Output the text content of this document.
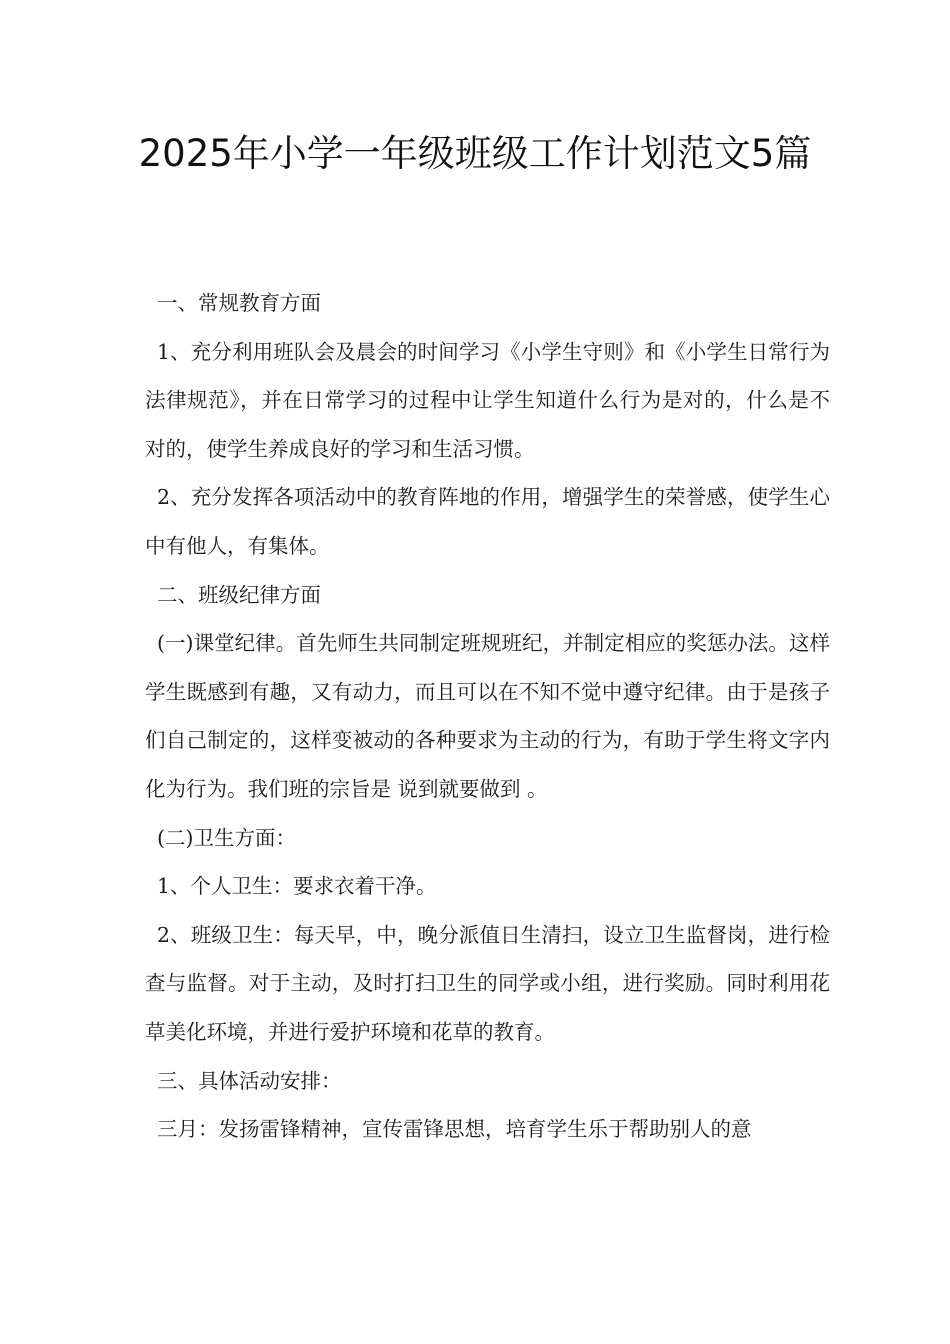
2025年小学一年级班级工作计划范文5篇

一、常规教育方面

1、充分利用班队会及晨会的时间学习《小学生守则》和《小学生日常行为法律规范》，并在日常学习的过程中让学生知道什么行为是对的，什么是不对的，使学生养成良好的学习和生活习惯。

2、充分发挥各项活动中的教育阵地的作用，增强学生的荣誉感，使学生心中有他人，有集体。

二、班级纪律方面

(一)课堂纪律。首先师生共同制定班规班纪，并制定相应的奖惩办法。这样学生既感到有趣，又有动力，而且可以在不知不觉中遵守纪律。由于是孩子们自己制定的，这样变被动的各种要求为主动的行为，有助于学生将文字内化为行为。我们班的宗旨是 说到就要做到 。

(二)卫生方面：

1、个人卫生：要求衣着干净。

2、班级卫生：每天早，中，晚分派值日生清扫，设立卫生监督岗，进行检查与监督。对于主动，及时打扫卫生的同学或小组，进行奖励。同时利用花草美化环境，并进行爱护环境和花草的教育。

三、具体活动安排：

三月：发扬雷锋精神，宣传雷锋思想，培育学生乐于帮助别人的意
